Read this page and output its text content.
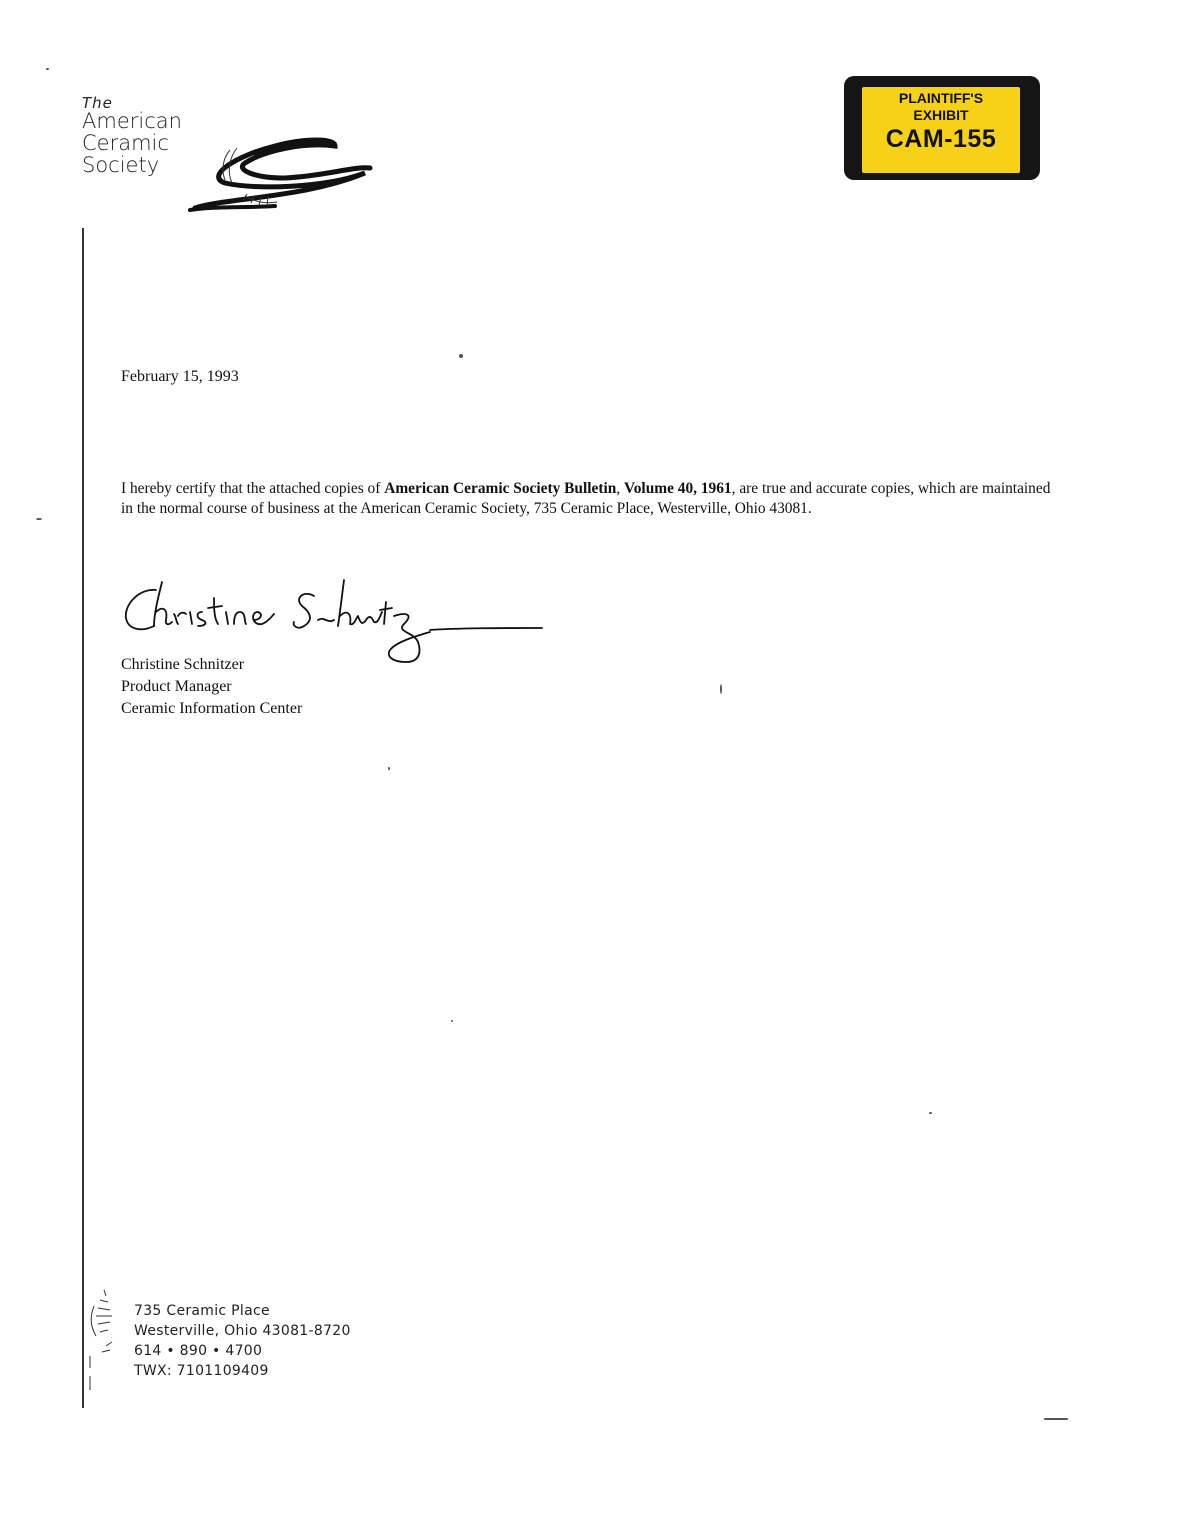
The
American
Ceramic
Society
PLAINTIFF'S
EXHIBIT
CAM-155
February 15, 1993
I hereby certify that the attached copies of American Ceramic Society Bulletin, Volume 40, 1961, are true and accurate copies, which are maintained in the normal course of business at the American Ceramic Society, 735 Ceramic Place, Westerville, Ohio 43081.
Christine Schnitzer
Product Manager
Ceramic Information Center
735 Ceramic Place
Westerville, Ohio 43081-8720
614 • 890 • 4700
TWX: 7101109409
